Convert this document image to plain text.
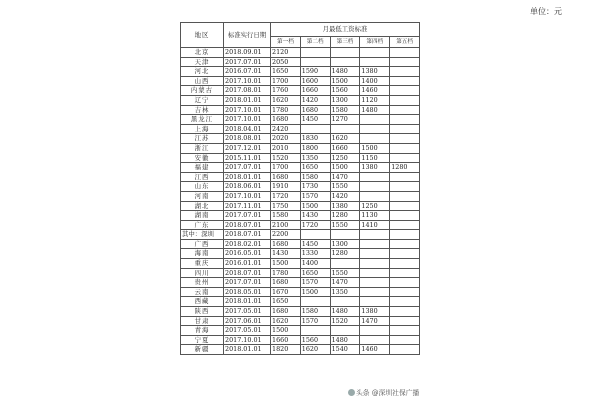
单位：元
地区	标准实行日期	月最低工资标准				
		第一档	第二档	第三档	第四档	第五档
北京	2018.09.01	2120				
天津	2017.07.01	2050				
河北	2016.07.01	1650	1590	1480	1380	
山西	2017.10.01	1700	1600	1500	1400	
内蒙古	2017.08.01	1760	1660	1560	1460	
辽宁	2018.01.01	1620	1420	1300	1120	
吉林	2017.10.01	1780	1680	1580	1480	
黑龙江	2017.10.01	1680	1450	1270		
上海	2018.04.01	2420				
江苏	2018.08.01	2020	1830	1620		
浙江	2017.12.01	2010	1800	1660	1500	
安徽	2015.11.01	1520	1350	1250	1150	
福建	2017.07.01	1700	1650	1500	1380	1280
江西	2018.01.01	1680	1580	1470		
山东	2018.06.01	1910	1730	1550		
河南	2017.10.01	1720	1570	1420		
湖北	2017.11.01	1750	1500	1380	1250	
湖南	2017.07.01	1580	1430	1280	1130	
广东	2018.07.01	2100	1720	1550	1410	
其中：深圳	2018.07.01	2200				
广西	2018.02.01	1680	1450	1300		
海南	2016.05.01	1430	1330	1280		
重庆	2016.01.01	1500	1400			
四川	2018.07.01	1780	1650	1550		
贵州	2017.07.01	1680	1570	1470		
云南	2018.05.01	1670	1500	1350		
西藏	2018.01.01	1650				
陕西	2017.05.01	1680	1580	1480	1380	
甘肃	2017.06.01	1620	1570	1520	1470	
青海	2017.05.01	1500				
宁夏	2017.10.01	1660	1560	1480		
新疆	2018.01.01	1820	1620	1540	1460	
头条 @深圳社保广播
